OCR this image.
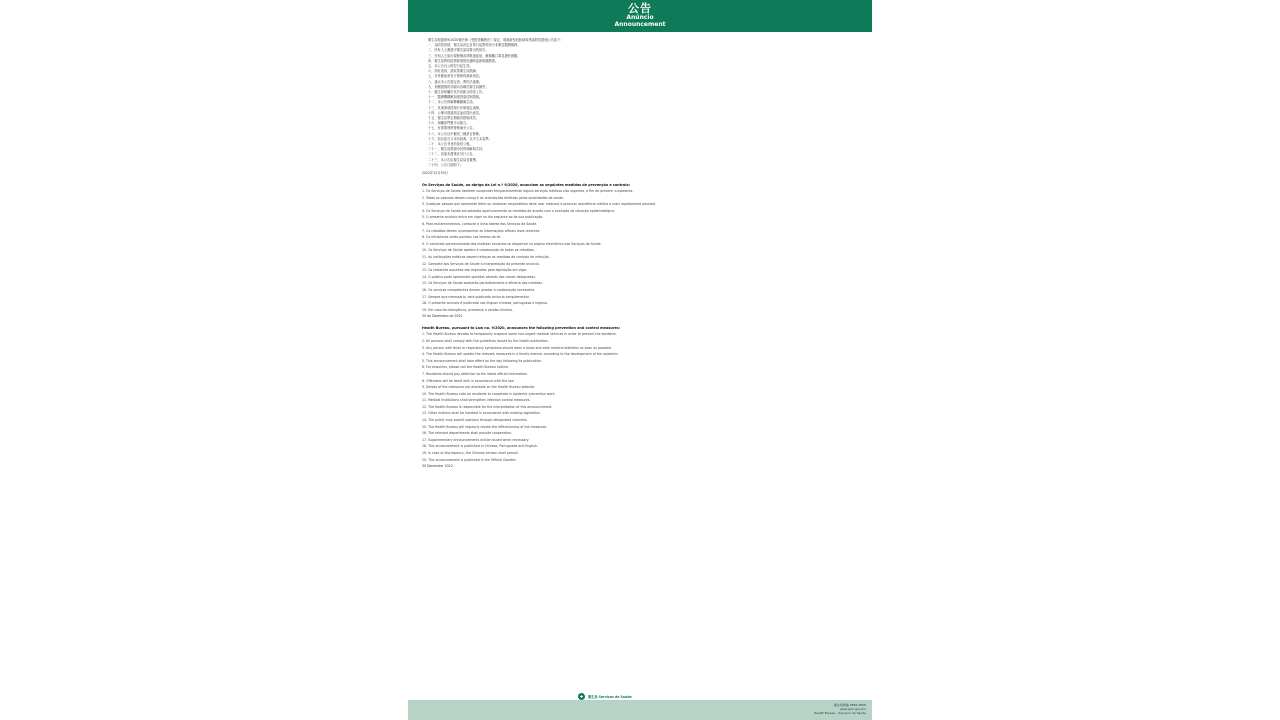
公告
Anúncio
Announcement
衛生局根據第9/2020號法律《受監管藥物法》規定，現就新型冠狀病毒感染防控措施公告如下：
一、為防控疫情，衛生局決定自即日起暫停部分非緊急醫療服務。
二、所有人士應遵守衛生當局發出的指引。
三、任何人士如出現發燒或呼吸道症狀，應佩戴口罩並盡快就醫。
四、衛生局將按疫情發展情況適時更新相關措施。
五、本公告自公佈翌日起生效。
六、如有查詢，請致電衛生局熱線。
七、市民應留意官方發佈的最新消息。
八、違反本公告規定者，將依法處理。
九、有關措施的詳細內容載於衛生局網頁。
十、衛生局呼籲市民共同配合防疫工作。
十一、醫療機構應加強感染控制措施。
十二、本公告的解釋權屬衛生局。
十三、其他事項按現行法律規定處理。
十四、公眾可透過指定途徑提出意見。
十五、衛生局將定期檢討措施成效。
十六、相關部門應予以配合。
十七、有需要時將發佈補充公告。
十八、本公告以中葡英三種語言發佈。
十九、如各語言文本有歧義，以中文本為準。
二十、本公告刊登於政府公報。
二十一、衛生局感謝市民的理解與支持。
二十二、其他未盡事宜另行公告。
二十三、本公告由衛生局局長簽署。
二十四、公告日期如下。
2022年12月30日
Os Serviços de Saúde, ao abrigo da Lei n.º 9/2020, anunciam as seguintes medidas de prevenção e controlo:
1. Os Serviços de Saúde decidem suspender temporariamente alguns serviços médicos não urgentes, a fim de prevenir a epidemia.
2. Todas as pessoas devem cumprir as orientações emitidas pelas autoridades de saúde.
3. Qualquer pessoa que apresente febre ou sintomas respiratórios deve usar máscara e procurar assistência médica o mais rapidamente possível.
4. Os Serviços de Saúde actualizarão oportunamente as medidas de acordo com a evolução da situação epidemiológica.
5. O presente anúncio entra em vigor no dia seguinte ao da sua publicação.
6. Para esclarecimentos, contacte a linha aberta dos Serviços de Saúde.
7. Os cidadãos devem acompanhar as informações oficiais mais recentes.
8. Os infractores serão punidos nos termos da lei.
9. O conteúdo pormenorizado das medidas encontra-se disponível na página electrónica dos Serviços de Saúde.
10. Os Serviços de Saúde apelam à colaboração de todos os cidadãos.
11. As instituições médicas devem reforçar as medidas de controlo de infecção.
12. Compete aos Serviços de Saúde a interpretação do presente anúncio.
13. Os restantes assuntos são regulados pela legislação em vigor.
14. O público pode apresentar opiniões através dos canais designados.
15. Os Serviços de Saúde avaliarão periodicamente a eficácia das medidas.
16. Os serviços competentes devem prestar a colaboração necessária.
17. Sempre que necessário, será publicado anúncio complementar.
18. O presente anúncio é publicado nas línguas chinesa, portuguesa e inglesa.
19. Em caso de divergência, prevalece a versão chinesa.
30 de Dezembro de 2022
Health Bureau, pursuant to Law no. 9/2020, announces the following prevention and control measures:
1. The Health Bureau decides to temporarily suspend some non-urgent medical services in order to prevent the epidemic.
2. All persons shall comply with the guidelines issued by the health authorities.
3. Any person with fever or respiratory symptoms should wear a mask and seek medical attention as soon as possible.
4. The Health Bureau will update the relevant measures in a timely manner according to the development of the epidemic.
5. This announcement shall take effect on the day following its publication.
6. For enquiries, please call the Health Bureau hotline.
7. Residents should pay attention to the latest official information.
8. Offenders will be dealt with in accordance with the law.
9. Details of the measures are available on the Health Bureau website.
10. The Health Bureau calls on residents to cooperate in epidemic prevention work.
11. Medical institutions shall strengthen infection control measures.
12. The Health Bureau is responsible for the interpretation of this announcement.
13. Other matters shall be handled in accordance with existing legislation.
14. The public may submit opinions through designated channels.
15. The Health Bureau will regularly review the effectiveness of the measures.
16. The relevant departments shall provide cooperation.
17. Supplementary announcements will be issued when necessary.
18. This announcement is published in Chinese, Portuguese and English.
19. In case of discrepancy, the Chinese version shall prevail.
20. This announcement is published in the Official Gazette.
30 December 2022
✚	衛生局 Serviços de Saúde
衛生局熱線 2856 2856
www.ssm.gov.mo
Health Bureau · Serviços de Saúde
